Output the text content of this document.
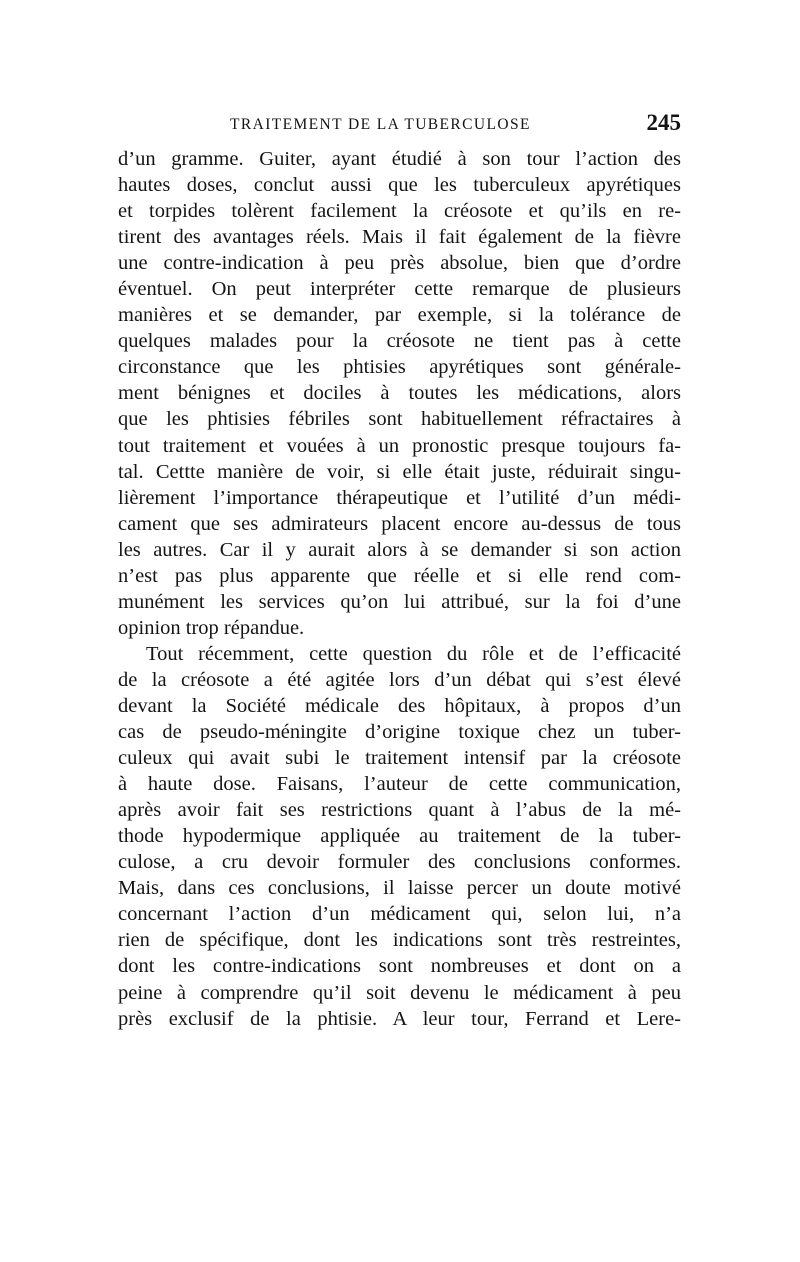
TRAITEMENT DE LA TUBERCULOSE	245
d’un gramme. Guiter, ayant étudié à son tour l’action des
hautes doses, conclut aussi que les tuberculeux apyrétiques
et torpides tolèrent facilement la créosote et qu’ils en re-
tirent des avantages réels. Mais il fait également de la fièvre
une contre-indication à peu près absolue, bien que d’ordre
éventuel. On peut interpréter cette remarque de plusieurs
manières et se demander, par exemple, si la tolérance de
quelques malades pour la créosote ne tient pas à cette
circonstance que les phtisies apyrétiques sont générale-
ment bénignes et dociles à toutes les médications, alors
que les phtisies fébriles sont habituellement réfractaires à
tout traitement et vouées à un pronostic presque toujours fa-
tal. Cettte manière de voir, si elle était juste, réduirait singu-
lièrement l’importance thérapeutique et l’utilité d’un médi-
cament que ses admirateurs placent encore au-dessus de tous
les autres. Car il y aurait alors à se demander si son action
n’est pas plus apparente que réelle et si elle rend com-
munément les services qu’on lui attribué, sur la foi d’une
opinion trop répandue.
Tout récemment, cette question du rôle et de l’efficacité
de la créosote a été agitée lors d’un débat qui s’est élevé
devant la Société médicale des hôpitaux, à propos d’un
cas de pseudo-méningite d’origine toxique chez un tuber-
culeux qui avait subi le traitement intensif par la créosote
à haute dose. Faisans, l’auteur de cette communication,
après avoir fait ses restrictions quant à l’abus de la mé-
thode hypodermique appliquée au traitement de la tuber-
culose, a cru devoir formuler des conclusions conformes.
Mais, dans ces conclusions, il laisse percer un doute motivé
concernant l’action d’un médicament qui, selon lui, n’a
rien de spécifique, dont les indications sont très restreintes,
dont les contre-indications sont nombreuses et dont on a
peine à comprendre qu’il soit devenu le médicament à peu
près exclusif de la phtisie. A leur tour, Ferrand et Lere-
